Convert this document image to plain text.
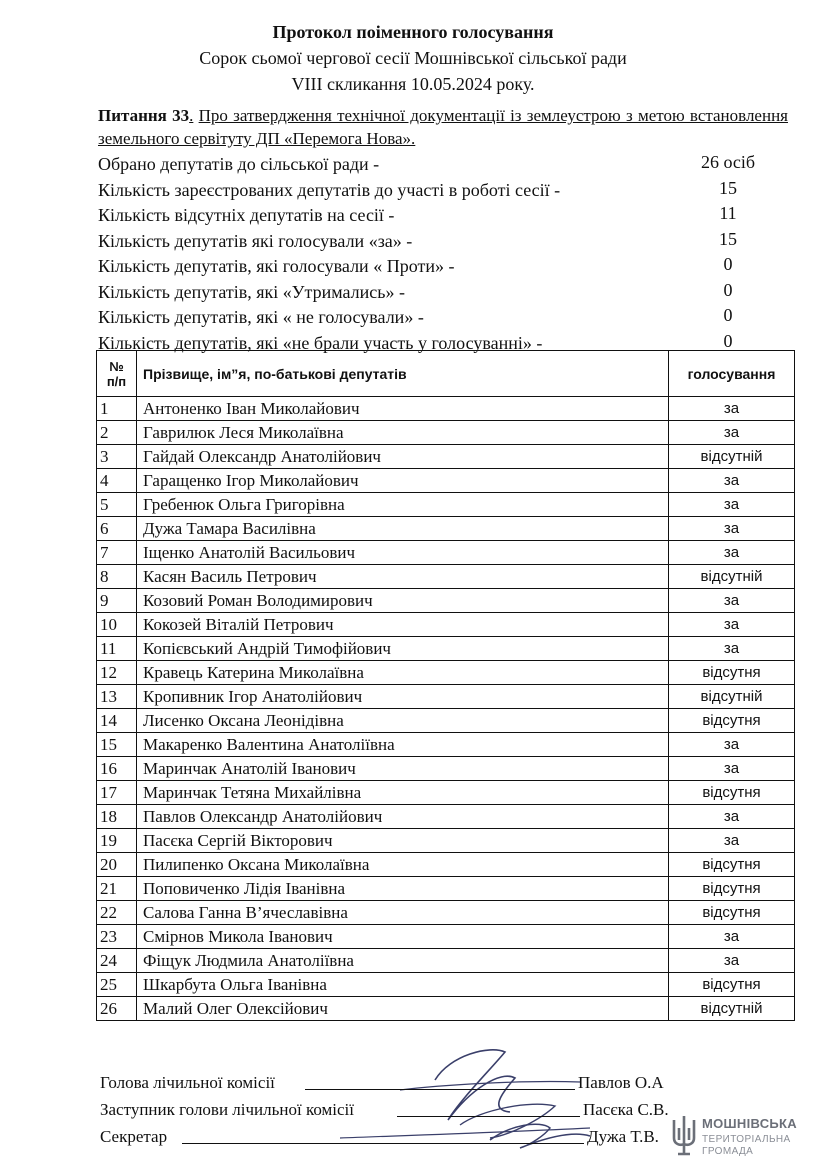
Протокол поіменного голосування
Сорок сьомої чергової сесії Мошнівської сільської ради
VIII скликання 10.05.2024 року.
Питання 33. Про затвердження технічної документації із землеустрою з метою встановлення земельного сервітуту ДП «Перемога Нова».
Обрано депутатів до сільської ради -	26 осіб
Кількість зареєстрованих депутатів до участі в роботі сесії -	15
Кількість відсутніх депутатів на сесії -	11
Кількість депутатів які голосували «за» -	15
Кількість депутатів, які голосували « Проти» -	0
Кількість депутатів, які «Утримались» -	0
Кількість депутатів, які « не голосували» -	0
Кількість депутатів, які «не брали участь у голосуванні» -	0
№
п/п	Прізвище, ім”я, по-батькові депутатів	голосування
1	Антоненко Іван Миколайович	за
2	Гаврилюк Леся Миколаївна	за
3	Гайдай Олександр Анатолійович	відсутній
4	Гаращенко Ігор Миколайович	за
5	Гребенюк Ольга Григорівна	за
6	Дужа Тамара Василівна	за
7	Іщенко Анатолій Васильович	за
8	Касян Василь Петрович	відсутній
9	Козовий Роман Володимирович	за
10	Кокозей Віталій Петрович	за
11	Копієвський Андрій Тимофійович	за
12	Кравець Катерина Миколаївна	відсутня
13	Кропивник Ігор Анатолійович	відсутній
14	Лисенко Оксана Леонідівна	відсутня
15	Макаренко Валентина Анатоліївна	за
16	Маринчак Анатолій Іванович	за
17	Маринчак Тетяна Михайлівна	відсутня
18	Павлов Олександр Анатолійович	за
19	Пасєка Сергій Вікторович	за
20	Пилипенко Оксана Миколаївна	відсутня
21	Поповиченко Лідія Іванівна	відсутня
22	Салова Ганна В’ячеславівна	відсутня
23	Смірнов Микола Іванович	за
24	Фіщук Людмила Анатоліївна	за
25	Шкарбута Ольга Іванівна	відсутня
26	Малий Олег Олексійович	відсутній
Голова лічильної комісії	Павлов О.А
Заступник голови лічильної комісії	Пасєка С.В.
Секретар	Дужа Т.В.
МОШНІВСЬКА
ТЕРИТОРІАЛЬНА
ГРОМАДА
